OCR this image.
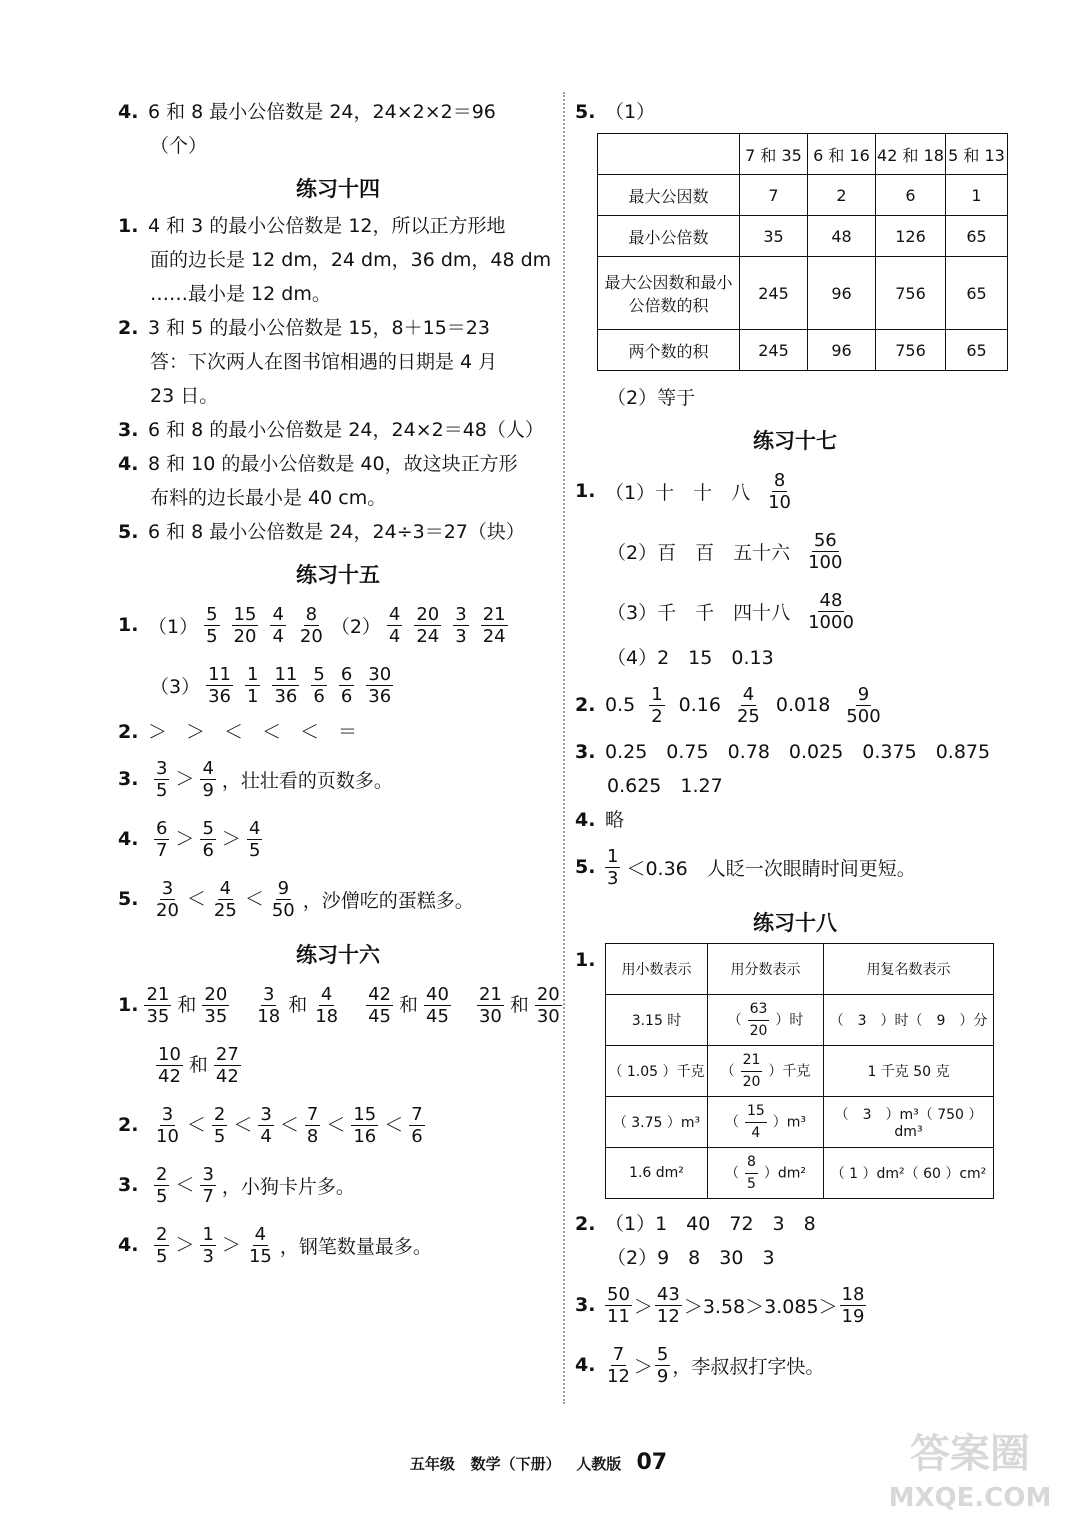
4. 6 和 8 最小公倍数是 24，24×2×2＝96
（个）
练习十四
1. 4 和 3 的最小公倍数是 12，所以正方形地
面的边长是 12 dm，24 dm，36 dm，48 dm
……最小是 12 dm。
2. 3 和 5 的最小公倍数是 15，8＋15＝23
答：下次两人在图书馆相遇的日期是 4 月
23 日。
3. 6 和 8 的最小公倍数是 24，24×2＝48（人）
4. 8 和 10 的最小公倍数是 40，故这块正方形
布料的边长最小是 40 cm。
5. 6 和 8 最小公倍数是 24，24÷3＝27（块）
练习十五
1. $(1) \frac{5}{5} \frac{15}{20} \frac{4}{4} \frac{8}{20} (2) \frac{4}{4} \frac{20}{24} \frac{3}{3} \frac{21}{24}$
$(3) \frac{11}{36} \frac{1}{1} \frac{11}{36} \frac{5}{6} \frac{6}{6} \frac{30}{36}$
2. ＞　＞　＜　＜　＜　＝
3. $\frac{3}{5} > \frac{4}{9}$ ，壮壮看的页数多。
4. $\frac{6}{7} > \frac{5}{6} > \frac{4}{5}$
5. $\frac{3}{20} < \frac{4}{25} < \frac{9}{50}$ ，沙僧吃的蛋糕多。
练习十六
1. $\frac{21}{35}$ 和 $\frac{20}{35} \frac{3}{18}$ 和 $\frac{4}{18} \frac{42}{45}$ 和 $\frac{40}{45} \frac{21}{30}$ 和 $\frac{20}{30}$
$\frac{10}{42}$ 和 $\frac{27}{42}$
2. $\frac{3}{10} < \frac{2}{5} < \frac{3}{4} < \frac{7}{8} < \frac{15}{16} < \frac{7}{6}$
3. $\frac{2}{5} < \frac{3}{7}$ ，小狗卡片多。
4. $\frac{2}{5} > \frac{1}{3} > \frac{4}{15}$ ，钢笔数量最多。
5. （1）
	7 和 35	6 和 16	42 和 18	5 和 13
最大公因数	7	2	6	1
最小公倍数	35	48	126	65
最大公因数和最小公倍数的积	245	96	756	65
两个数的积	245	96	756	65
（2）等于
练习十七
1. （1）十　十　八
8
10
（2）百　百　五十六
56
100
（3）千　千　四十八
48
1000
（4）2　15　0.13
2. 0.5 1
2 0.16 4
25 0.018 9
500
3. 0.25　0.75　0.78　0.025　0.375　0.875
0.625　1.27
4. 略
5. 1
3 ＜0.36　人眨一次眼睛时间更短。
练习十八
1.	用小数表示	用分数表示	用复名数表示
3.15 时	（ $\frac{63}{20}$ ）时	（　3　）时（　9　）分
（ 1.05 ）千克	（ $\frac{21}{20}$ ）千克	1 千克 50 克
（ 3.75 ）m³	（ $\frac{15}{4} )m^3$	（　3　）m³（ 750 ）dm³
1.6 dm²	（ $\frac{8}{5} )dm^2$	（ 1 ）dm²（ 60 ）cm²
2. （1）1　40　72　3　8
（2）9　8　30　3
3. 50
11 ＞
43
12 ＞3.58＞3.085＞
18
19
4. 7
12 ＞
5
9 ，李叔叔打字快。
五年级 数学（下册） 人教版 07	答案圈
MXQE.COM
